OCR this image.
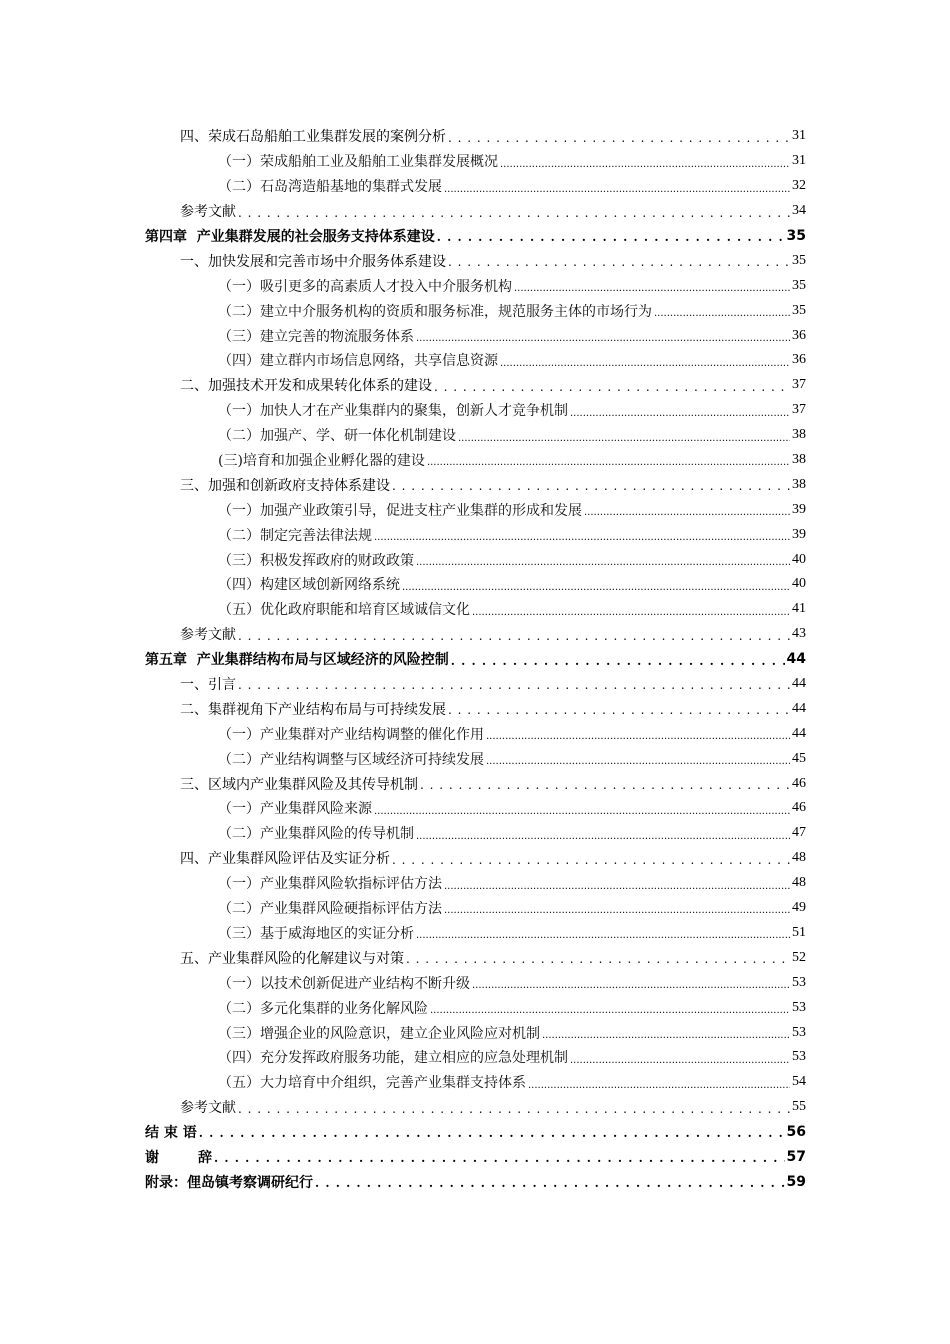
四、荣成石岛船舶工业集群发展的案例分析 . . .	31
（一）荣成船舶工业及船舶工业集群发展概况 .....	31
（二）石岛湾造船基地的集群式发展 .....	32
参考文献 . . .	34
第四章  产业集群发展的社会服务支持体系建设 . . .	35
一、加快发展和完善市场中介服务体系建设 . . .	35
（一）吸引更多的高素质人才投入中介服务机构 .....	35
（二）建立中介服务机构的资质和服务标准，规范服务主体的市场行为 .....	35
（三）建立完善的物流服务体系 .....	36
（四）建立群内市场信息网络，共享信息资源 .....	36
二、加强技术开发和成果转化体系的建设 . . .	37
（一）加快人才在产业集群内的聚集，创新人才竞争机制 .....	37
（二）加强产、学、研一体化机制建设 .....	38
(三)培育和加强企业孵化器的建设 .....	38
三、加强和创新政府支持体系建设 . . .	38
（一）加强产业政策引导，促进支柱产业集群的形成和发展 .....	39
（二）制定完善法律法规 .....	39
（三）积极发挥政府的财政政策 .....	40
（四）构建区域创新网络系统 .....	40
（五）优化政府职能和培育区域诚信文化 .....	41
参考文献 . . .	43
第五章  产业集群结构布局与区域经济的风险控制 . . .	44
一、引言 . . .	44
二、集群视角下产业结构布局与可持续发展 . . .	44
（一）产业集群对产业结构调整的催化作用 .....	44
（二）产业结构调整与区域经济可持续发展 .....	45
三、区域内产业集群风险及其传导机制 . . .	46
（一）产业集群风险来源 .....	46
（二）产业集群风险的传导机制 .....	47
四、产业集群风险评估及实证分析 . . .	48
（一）产业集群风险软指标评估方法 .....	48
（二）产业集群风险硬指标评估方法 .....	49
（三）基于威海地区的实证分析 .....	51
五、产业集群风险的化解建议与对策 . . .	52
（一）以技术创新促进产业结构不断升级 .....	53
（二）多元化集群的业务化解风险 .....	53
（三）增强企业的风险意识，建立企业风险应对机制 .....	53
（四）充分发挥政府服务功能，建立相应的应急处理机制 .....	53
（五）大力培育中介组织，完善产业集群支持体系 .....	54
参考文献 . . .	55
结 束 语 . . .	56
谢        辞 . . .	57
附录：俚岛镇考察调研纪行 . . .	59
